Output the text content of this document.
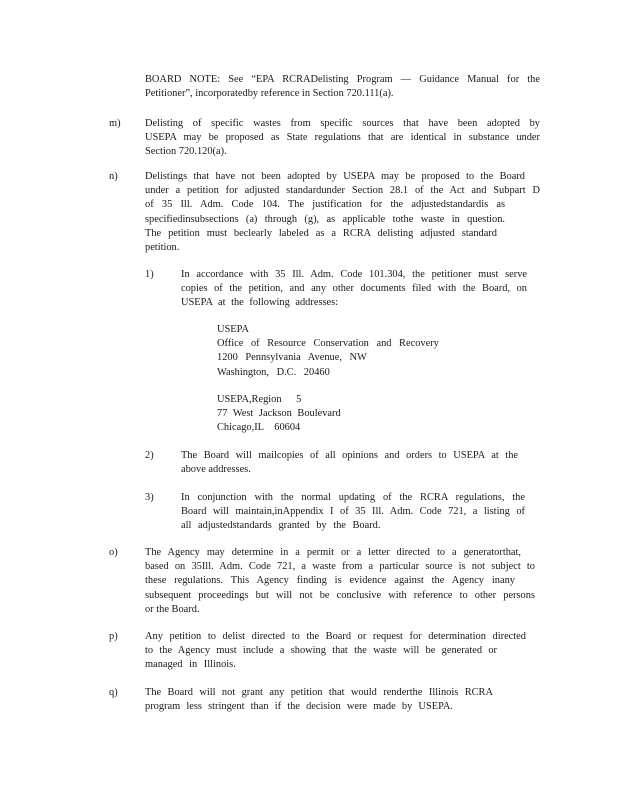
BOARD NOTE: See “EPA RCRADelisting Program — Guidance Manual for the
Petitioner”, incorporatedby reference in Section 720.111(a).
m) Delisting of specific wastes from specific sources that have been adopted by
USEPA may be proposed as State regulations that are identical in substance under
Section 720.120(a).
n)	Delistings that have not been adopted by USEPA may be proposed to the Board
under a petition for adjusted standardunder Section 28.1 of the Act and Subpart D
of 35 Ill. Adm. Code 104. The justification for the adjustedstandardis as
specifiedinsubsections (a) through (g), as applicable tothe waste in question.
The petition must beclearly labeled as a RCRA delisting adjusted standard
petition.
1)	In accordance with 35 Ill. Adm. Code 101.304, the petitioner must serve
copies of the petition, and any other documents filed with the Board, on
USEPA at the following addresses:
USEPA
Office of Resource Conservation and Recovery
1200 Pennsylvania Avenue, NW
Washington, D.C. 20460
USEPA,Region 5
77 West Jackson Boulevard
Chicago,IL 60604
2)	The Board will mailcopies of all opinions and orders to USEPA at the
above addresses.
3)	In conjunction with the normal updating of the RCRA regulations, the
Board will maintain,inAppendix I of 35 Ill. Adm. Code 721, a listing of
all adjustedstandards granted by the Board.
o)	The Agency may determine in a permit or a letter directed to a generatorthat,
based on 35Ill. Adm. Code 721, a waste from a particular source is not subject to
these regulations. This Agency finding is evidence against the Agency inany
subsequent proceedings but will not be conclusive with reference to other persons
or the Board.
p)	Any petition to delist directed to the Board or request for determination directed
to the Agency must include a showing that the waste will be generated or
managed in Illinois.
q)	The Board will not grant any petition that would renderthe Illinois RCRA
program less stringent than if the decision were made by USEPA.
